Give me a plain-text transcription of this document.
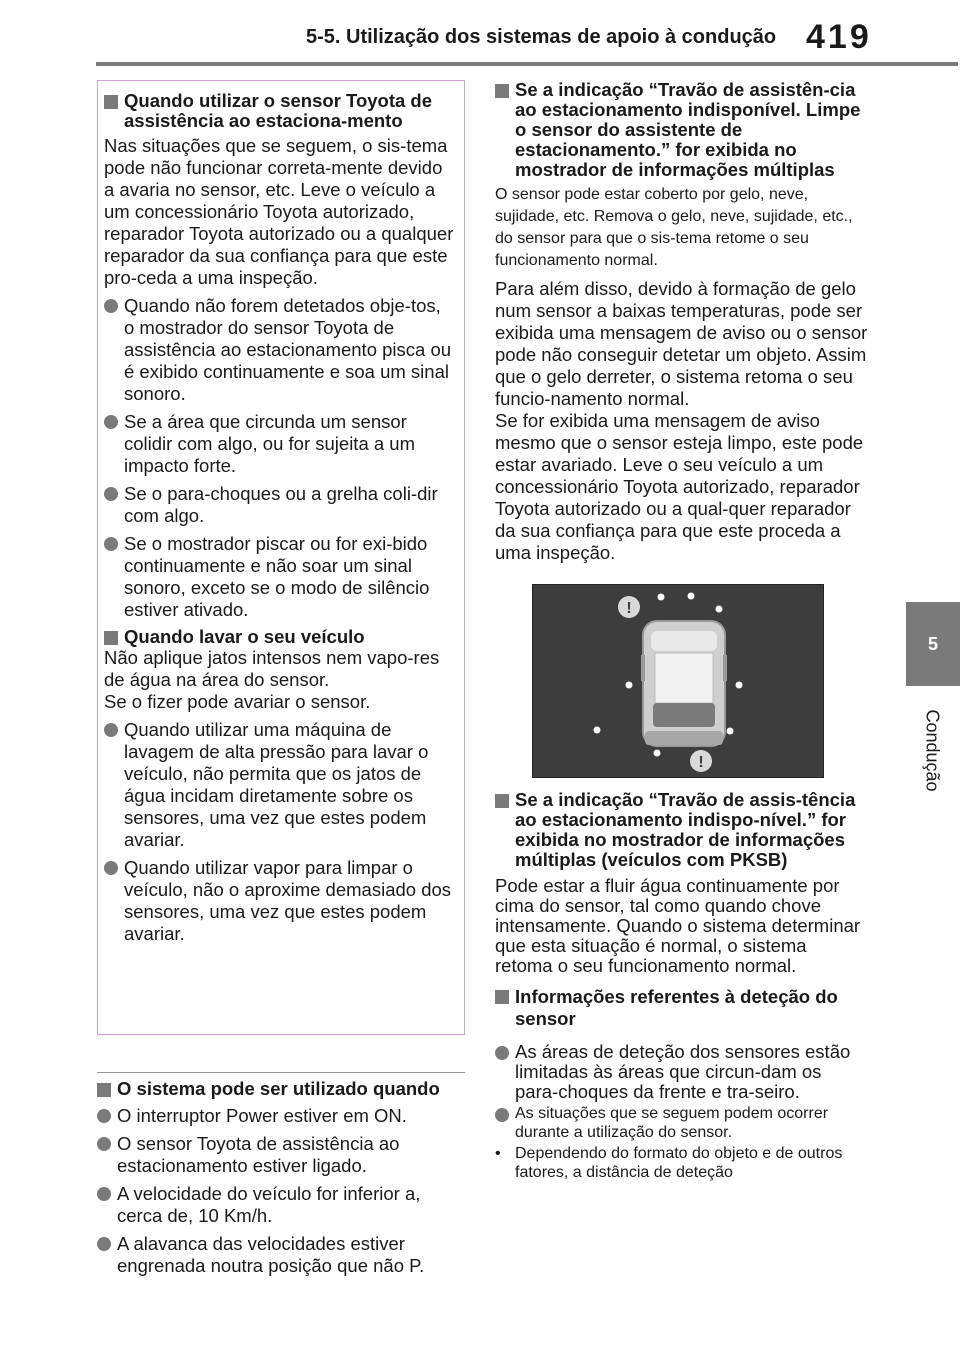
5-5. Utilização dos sistemas de apoio à condução 419
5
Condução
Quando utilizar o sensor Toyota de assistência ao estaciona-mento

Nas situações que se seguem, o sis-tema pode não funcionar correta-mente devido a avaria no sensor, etc. Leve o veículo a um concessionário Toyota autorizado, reparador Toyota autorizado ou a qualquer reparador da sua confiança para que este pro-ceda a uma inspeção.

Quando não forem detetados obje-tos, o mostrador do sensor Toyota de assistência ao estacionamento pisca ou é exibido continuamente e soa um sinal sonoro.
Se a área que circunda um sensor colidir com algo, ou for sujeita a um impacto forte.
Se o para-choques ou a grelha coli-dir com algo.
Se o mostrador piscar ou for exi-bido continuamente e não soar um sinal sonoro, exceto se o modo de silêncio estiver ativado.
Quando lavar o seu veículo

Não aplique jatos intensos nem vapo-res de água na área do sensor.

Se o fizer pode avariar o sensor.

Quando utilizar uma máquina de lavagem de alta pressão para lavar o veículo, não permita que os jatos de água incidam diretamente sobre os sensores, uma vez que estes podem avariar.
Quando utilizar vapor para limpar o veículo, não o aproxime demasiado dos sensores, uma vez que estes podem avariar.
O sistema pode ser utilizado quando
O interruptor Power estiver em ON.
O sensor Toyota de assistência ao estacionamento estiver ligado.
A velocidade do veículo for inferior a, cerca de, 10 Km/h.
A alavanca das velocidades estiver engrenada noutra posição que não P.
Se a indicação “Travão de assistên-cia ao estacionamento indisponível. Limpe o sensor do assistente de estacionamento.” for exibida no mostrador de informações múltiplas

O sensor pode estar coberto por gelo, neve, sujidade, etc. Remova o gelo, neve, sujidade, etc., do sensor para que o sis-tema retome o seu funcionamento normal.

Para além disso, devido à formação de gelo num sensor a baixas temperaturas, pode ser exibida uma mensagem de aviso ou o sensor pode não conseguir detetar um objeto. Assim que o gelo derreter, o sistema retoma o seu funcio-namento normal.

Se for exibida uma mensagem de aviso mesmo que o sensor esteja limpo, este pode estar avariado. Leve o seu veículo a um concessionário Toyota autorizado, reparador Toyota autorizado ou a qual-quer reparador da sua confiança para que este proceda a uma inspeção.

!
!
Se a indicação “Travão de assis-tência ao estacionamento indispo-nível.” for exibida no mostrador de informações múltiplas (veículos com PKSB)

Pode estar a fluir água continuamente por cima do sensor, tal como quando chove intensamente. Quando o sistema determinar que esta situação é normal, o sistema retoma o seu funcionamento normal.

Informações referentes à deteção do sensor
As áreas de deteção dos sensores estão limitadas às áreas que circun-dam os para-choques da frente e tra-seiro.
As situações que se seguem podem ocorrer durante a utilização do sensor.
• Dependendo do formato do objeto e de outros fatores, a distância de deteção
